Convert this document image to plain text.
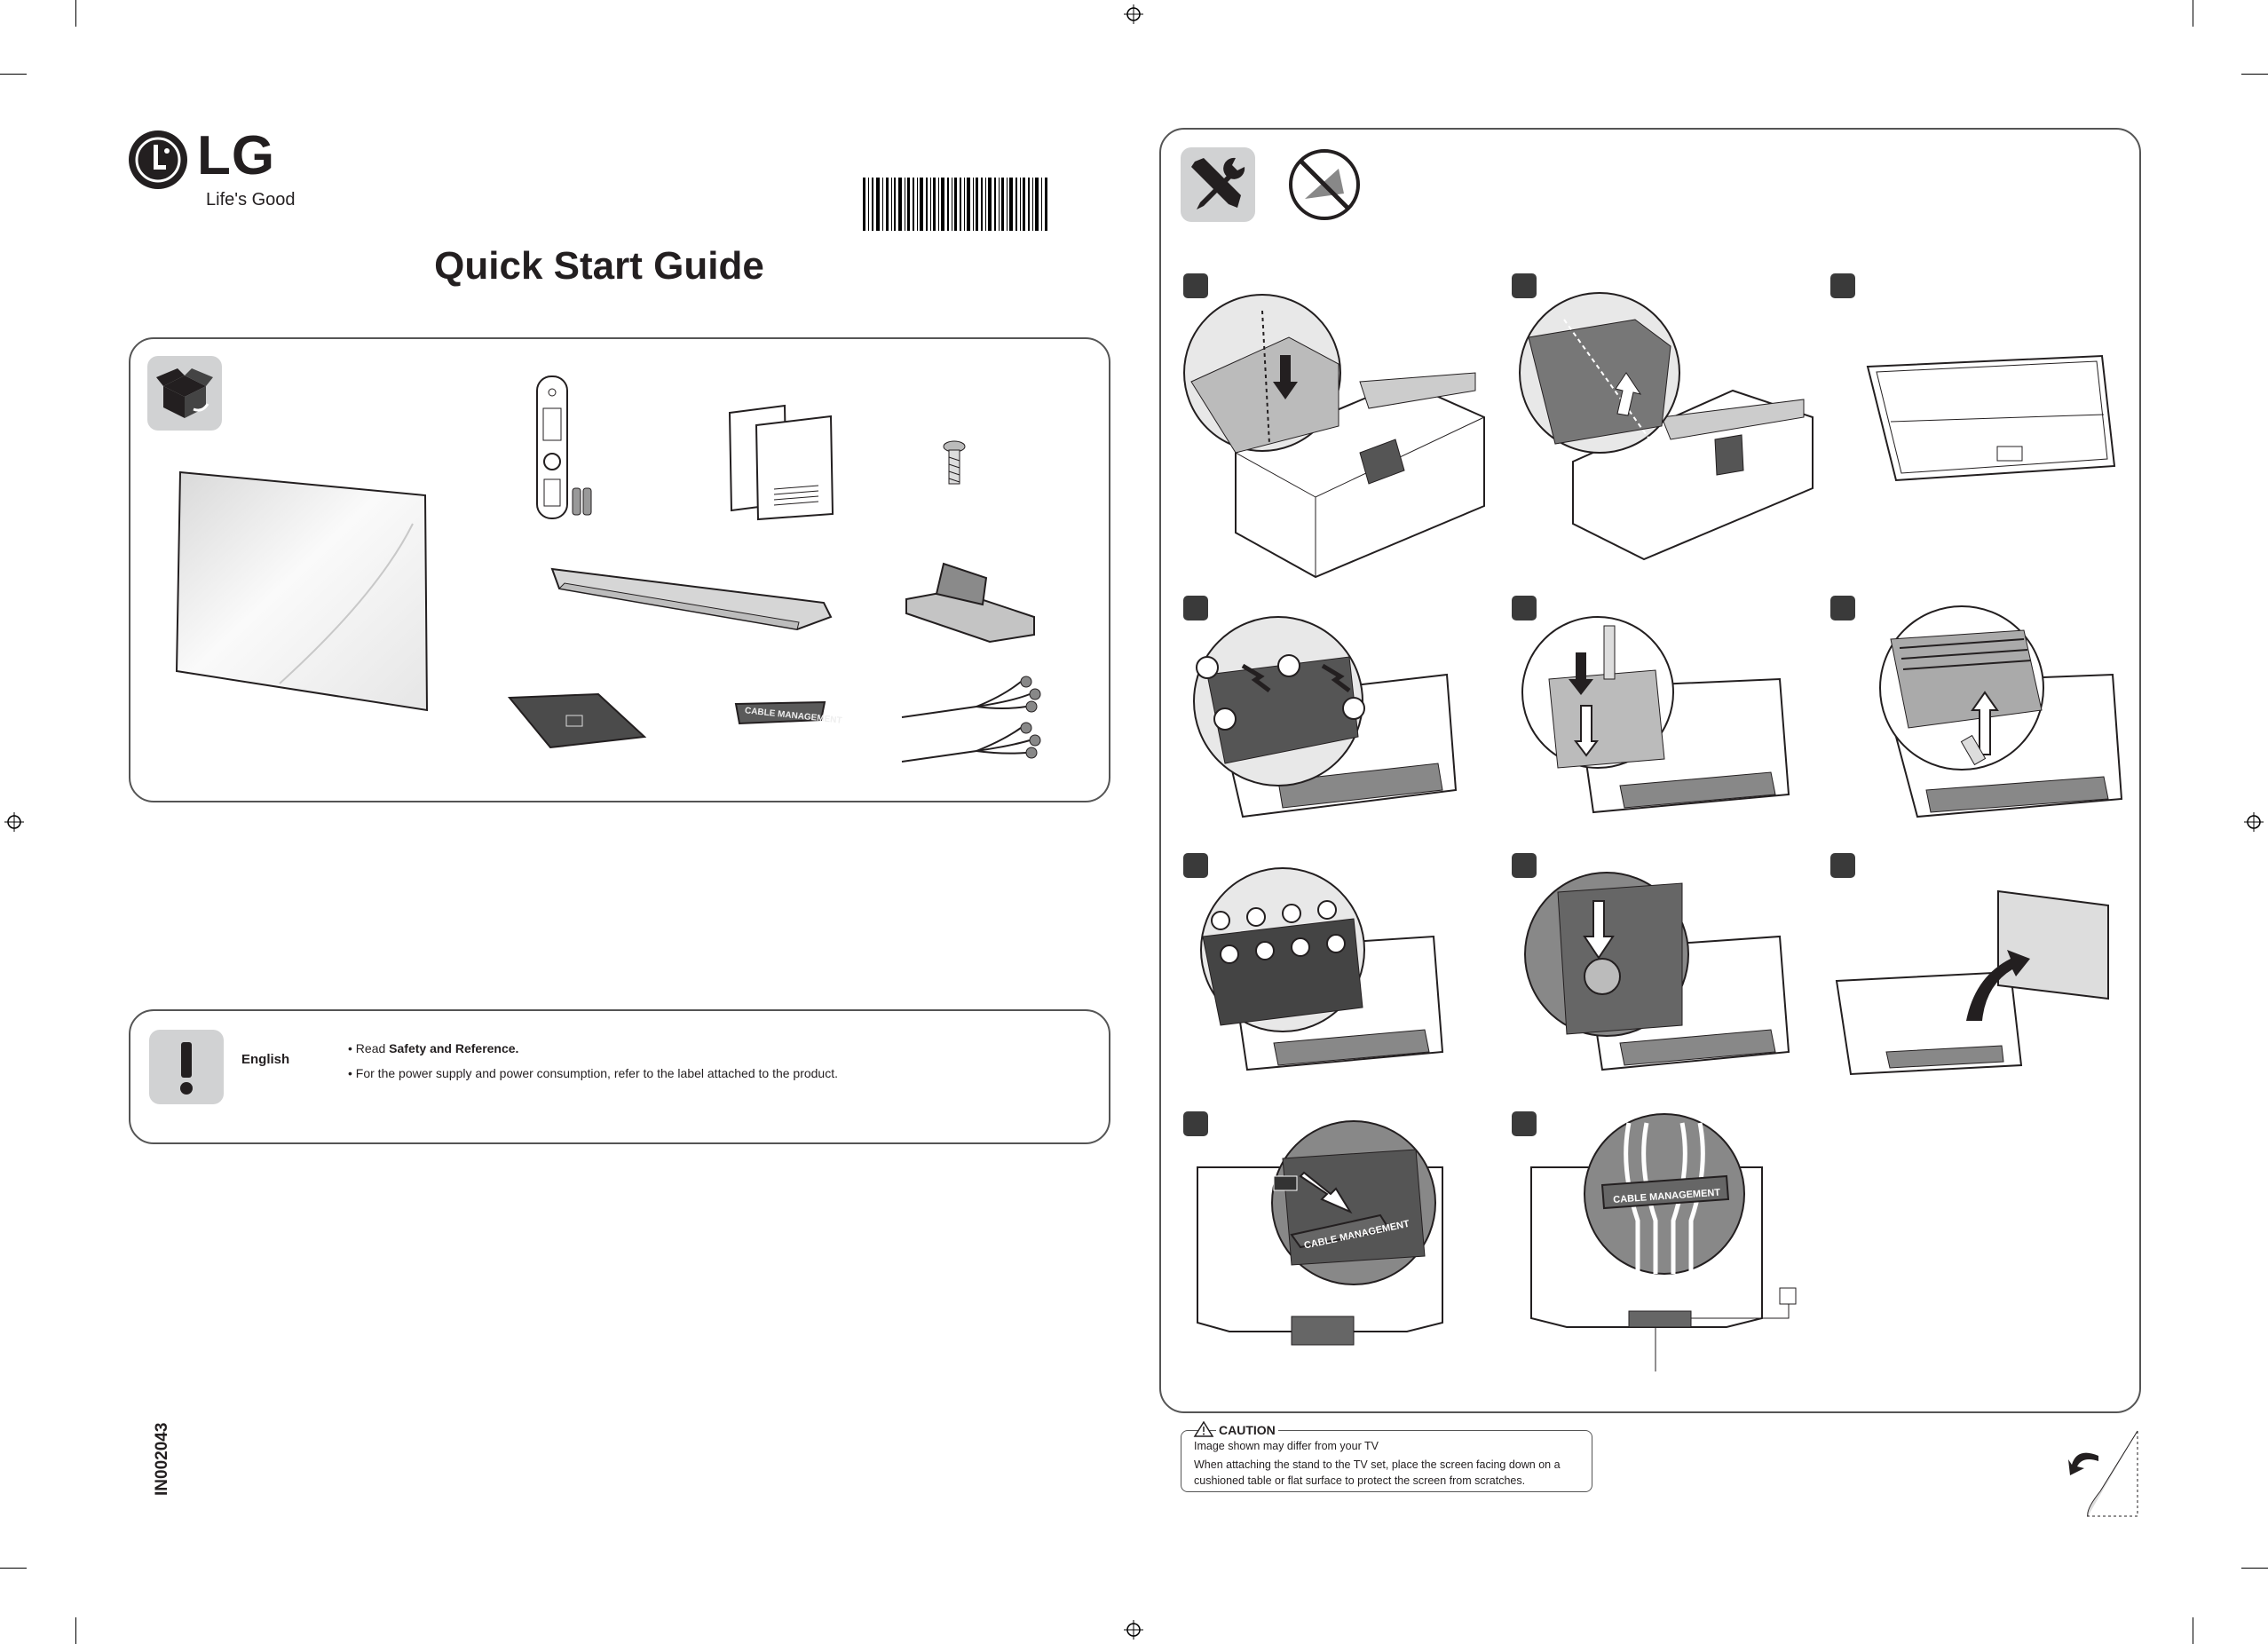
LG
Life's Good
Quick Start Guide
CABLE MANAGEMENT
English
• Read Safety and Reference.
• For the power supply and power consumption, refer to the label attached to the product.
IN002043
CABLE MANAGEMENT
CABLE MANAGEMENT
CAUTION
Image shown may differ from your TV
When attaching the stand to the TV set, place the screen facing down on a
cushioned table or flat surface to protect the screen from scratches.
